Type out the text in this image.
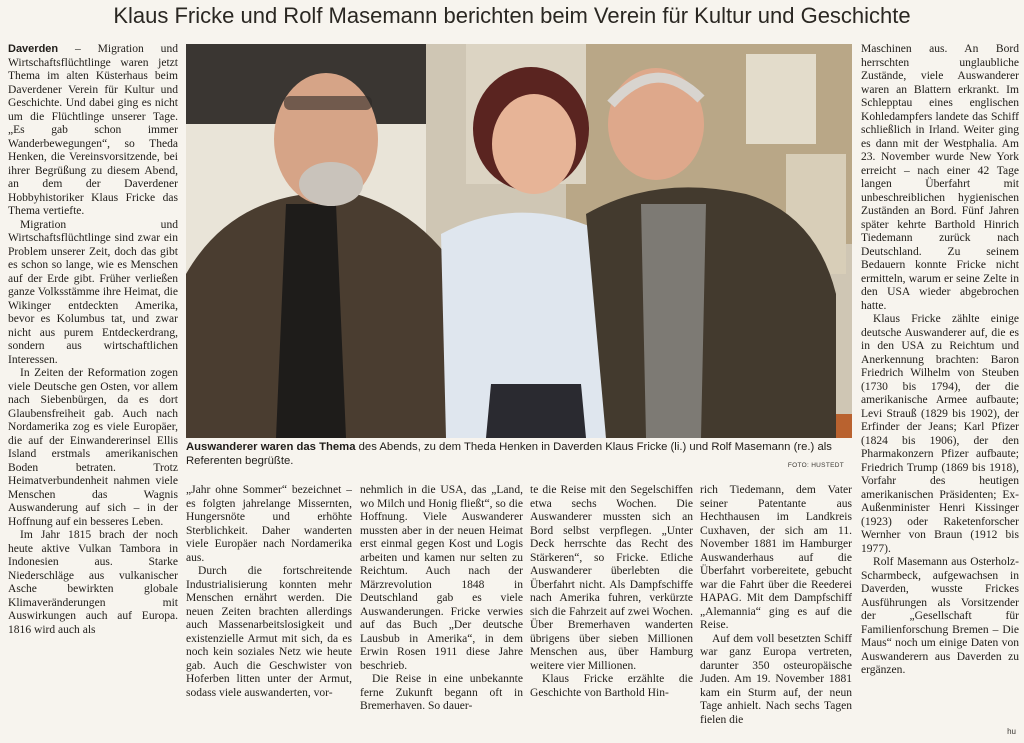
Klaus Fricke und Rolf Masemann berichten beim Verein für Kultur und Geschichte

Daverden – Migration und Wirtschaftsflüchtlinge waren jetzt Thema im alten Küsterhaus beim Daverdener Verein für Kultur und Geschichte. Und dabei ging es nicht um die Flüchtlinge unserer Tage. „Es gab schon immer Wanderbewegungen“, so Theda Henken, die Vereinsvorsitzende, bei ihrer Begrüßung zu diesem Abend, an dem der Daverdener Hobbyhistoriker Klaus Fricke das Thema vertiefte.

Migration und Wirtschaftsflüchtlinge sind zwar ein Problem unserer Zeit, doch das gibt es schon so lange, wie es Menschen auf der Erde gibt. Früher verließen ganze Volksstämme ihre Heimat, die Wikinger entdeckten Amerika, bevor es Kolumbus tat, und zwar nicht aus purem Entdeckerdrang, sondern aus wirtschaftlichen Interessen.

In Zeiten der Reformation zogen viele Deutsche gen Osten, vor allem nach Siebenbürgen, da es dort Glaubensfreiheit gab. Auch nach Nordamerika zog es viele Europäer, die auf der Einwandererinsel Ellis Island erstmals amerikanischen Boden betraten. Trotz Heimatverbundenheit nahmen viele Menschen das Wagnis Auswanderung auf sich – in der Hoffnung auf ein besseres Leben.

Im Jahr 1815 brach der noch heute aktive Vulkan Tambora in Indonesien aus. Starke Niederschläge aus vulkanischer Asche bewirkten globale Klimaveränderungen mit Auswirkungen auch auf Europa. 1816 wird auch als

Auswanderer waren das Thema des Abends, zu dem Theda Henken in Daverden Klaus Fricke (li.) und Rolf Masemann (re.) als Referenten begrüßte.	FOTO: HUSTEDT

„Jahr ohne Sommer“ bezeichnet – es folgten jahrelange Missernten, Hungersnöte und erhöhte Sterblichkeit. Daher wanderten viele Europäer nach Nordamerika aus.

Durch die fortschreitende Industrialisierung konnten mehr Menschen ernährt werden. Die neuen Zeiten brachten allerdings auch Massenarbeitslosigkeit und existenzielle Armut mit sich, da es noch kein soziales Netz wie heute gab. Auch die Geschwister von Hoferben litten unter der Armut, sodass viele auswanderten, vor-

nehmlich in die USA, das „Land, wo Milch und Honig fließt“, so die Hoffnung. Viele Auswanderer mussten aber in der neuen Heimat erst einmal gegen Kost und Logis arbeiten und kamen nur selten zu Reichtum. Auch nach der Märzrevolution 1848 in Deutschland gab es viele Auswanderungen. Fricke verwies auf das Buch „Der deutsche Lausbub in Amerika“, in dem Erwin Rosen 1911 diese Jahre beschrieb.

Die Reise in eine unbekannte ferne Zukunft begann oft in Bremerhaven. So dauer-

te die Reise mit den Segelschiffen etwa sechs Wochen. Die Auswanderer mussten sich an Bord selbst verpflegen. „Unter Deck herrschte das Recht des Stärkeren“, so Fricke. Etliche Auswanderer überlebten die Überfahrt nicht. Als Dampfschiffe nach Amerika fuhren, verkürzte sich die Fahrzeit auf zwei Wochen. Über Bremerhaven wanderten übrigens über sieben Millionen Menschen aus, über Hamburg weitere vier Millionen.

Klaus Fricke erzählte die Geschichte von Barthold Hin-

rich Tiedemann, dem Vater seiner Patentante aus Hechthausen im Landkreis Cuxhaven, der sich am 11. November 1881 im Hamburger Auswanderhaus auf die Überfahrt vorbereitete, gebucht war die Fahrt über die Reederei HAPAG. Mit dem Dampfschiff „Alemannia“ ging es auf die Reise.

Auf dem voll besetzten Schiff war ganz Europa vertreten, darunter 350 osteuropäische Juden. Am 19. November 1881 kam ein Sturm auf, der neun Tage anhielt. Nach sechs Tagen fielen die

Maschinen aus. An Bord herrschten unglaubliche Zustände, viele Auswanderer waren an Blattern erkrankt. Im Schlepptau eines englischen Kohledampfers landete das Schiff schließlich in Irland. Weiter ging es dann mit der Westphalia. Am 23. November wurde New York erreicht – nach einer 42 Tage langen Überfahrt mit unbeschreiblichen hygienischen Zuständen an Bord. Fünf Jahren später kehrte Barthold Hinrich Tiedemann zurück nach Deutschland. Zu seinem Bedauern konnte Fricke nicht ermitteln, warum er seine Zelte in den USA wieder abgebrochen hatte.

Klaus Fricke zählte einige deutsche Auswanderer auf, die es in den USA zu Reichtum und Anerkennung brachten: Baron Friedrich Wilhelm von Steuben (1730 bis 1794), der die amerikanische Armee aufbaute; Levi Strauß (1829 bis 1902), der Erfinder der Jeans; Karl Pfizer (1824 bis 1906), der den Pharmakonzern Pfizer aufbaute; Friedrich Trump (1869 bis 1918), Vorfahr des heutigen amerikanischen Präsidenten; Ex-Außenminister Henri Kissinger (1923) oder Raketenforscher Wernher von Braun (1912 bis 1977).

Rolf Masemann aus Osterholz-Scharmbeck, aufgewachsen in Daverden, wusste Frickes Ausführungen als Vorsitzender der „Gesellschaft für Familienforschung Bremen – Die Maus“ noch um einige Daten von Auswanderern aus Daverden zu ergänzen.

hu
